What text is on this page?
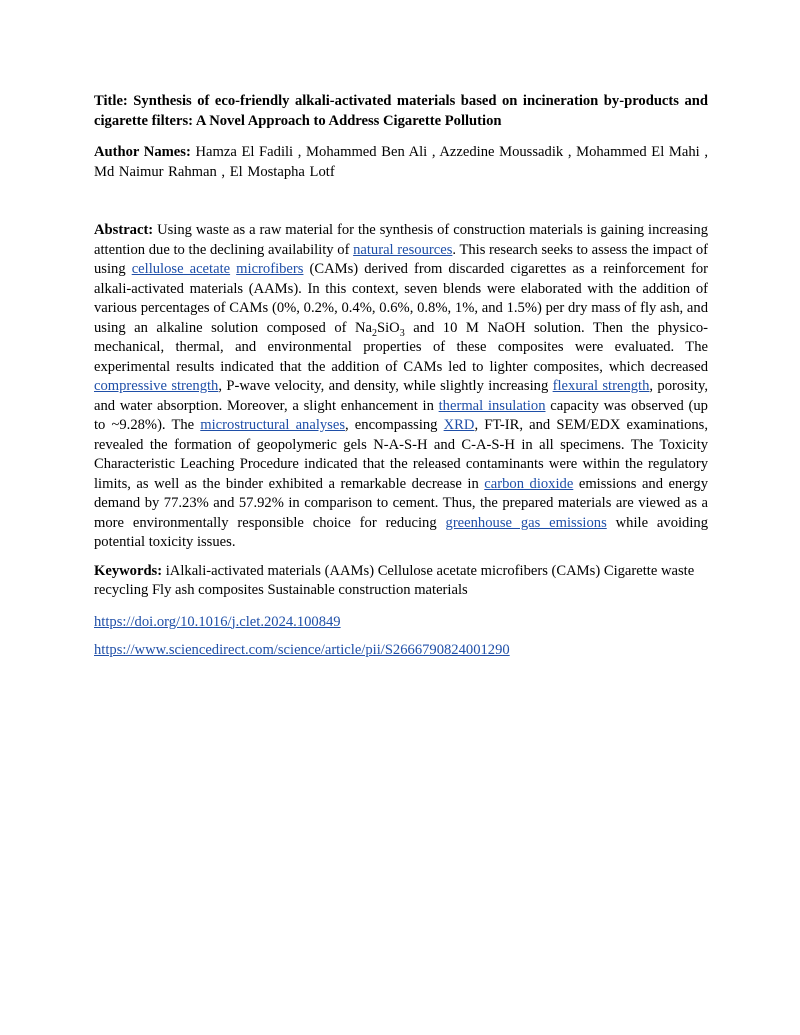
Title: Synthesis of eco-friendly alkali-activated materials based on incineration by-products and cigarette filters: A Novel Approach to Address Cigarette Pollution

Author Names: Hamza El Fadili , Mohammed Ben Ali , Azzedine Moussadik , Mohammed El Mahi , Md Naimur Rahman , El Mostapha Lotf

Abstract: Using waste as a raw material for the synthesis of construction materials is gaining increasing attention due to the declining availability of natural resources. This research seeks to assess the impact of using cellulose acetate microfibers (CAMs) derived from discarded cigarettes as a reinforcement for alkali-activated materials (AAMs). In this context, seven blends were elaborated with the addition of various percentages of CAMs (0%, 0.2%, 0.4%, 0.6%, 0.8%, 1%, and 1.5%) per dry mass of fly ash, and using an alkaline solution composed of $Na_2SiO_3$ and 10 M NaOH solution. Then the physico-mechanical, thermal, and environmental properties of these composites were evaluated. The experimental results indicated that the addition of CAMs led to lighter composites, which decreased compressive strength, P-wave velocity, and density, while slightly increasing flexural strength, porosity, and water absorption. Moreover, a slight enhancement in thermal insulation capacity was observed (up to ~9.28%). The microstructural analyses, encompassing XRD, FT-IR, and SEM/EDX examinations, revealed the formation of geopolymeric gels N-A-S-H and C-A-S-H in all specimens. The Toxicity Characteristic Leaching Procedure indicated that the released contaminants were within the regulatory limits, as well as the binder exhibited a remarkable decrease in carbon dioxide emissions and energy demand by 77.23% and 57.92% in comparison to cement. Thus, the prepared materials are viewed as a more environmentally responsible choice for reducing greenhouse gas emissions while avoiding potential toxicity issues.
Keywords: iAlkali-activated materials (AAMs) Cellulose acetate microfibers (CAMs) Cigarette waste recycling Fly ash composites Sustainable construction materials
https://doi.org/10.1016/j.clet.2024.100849
https://www.sciencedirect.com/science/article/pii/S2666790824001290
